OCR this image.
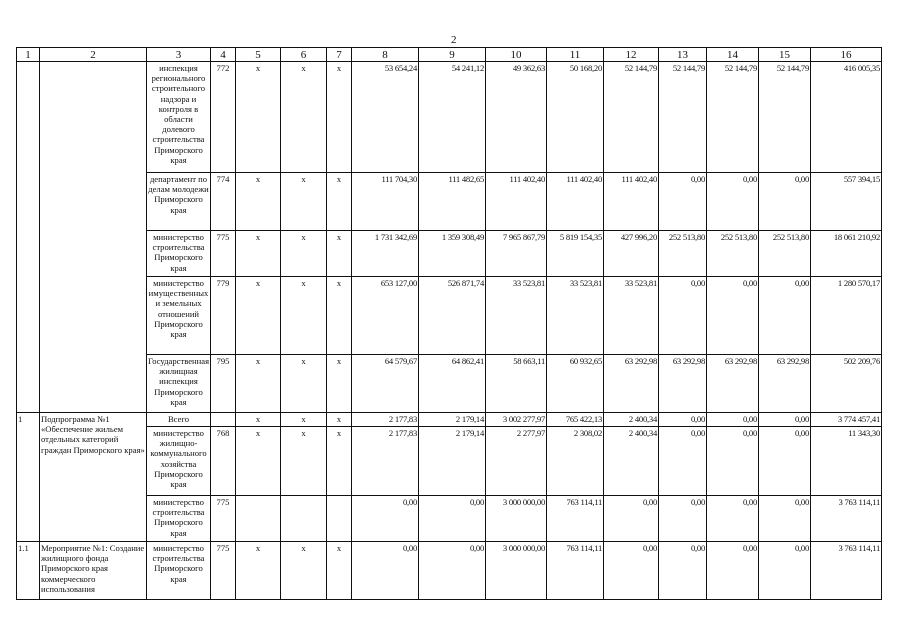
2
1	2	3	4	5	6	7	8	9	10	11	12	13	14	15	16
		инспекция регионального строительного надзора и контроля в области долевого строительства Приморского края	772	х	х	х	53 654,24	54 241,12	49 362,63	50 168,20	52 144,79	52 144,79	52 144,79	52 144,79	416 005,35
		департамент по делам молодежи Приморского края	774	х	х	х	111 704,30	111 482,65	111 402,40	111 402,40	111 402,40	0,00	0,00	0,00	557 394,15
		министерство строительства Приморского края	775	х	х	х	1 731 342,69	1 359 308,49	7 965 867,79	5 819 154,35	427 996,20	252 513,80	252 513,80	252 513,80	18 061 210,92
		министерство имущественных и земельных отношений Приморского края	779	х	х	х	653 127,00	526 871,74	33 523,81	33 523,81	33 523,81	0,00	0,00	0,00	1 280 570,17
		Государственная жилищная инспекция Приморского края	795	х	х	х	64 579,67	64 862,41	58 663,11	60 932,65	63 292,98	63 292,98	63 292,98	63 292,98	502 209,76
1	Подпрограмма №1 «Обеспечение жильем отдельных категорий граждан Приморского края»	Всего		х	х	х	2 177,83	2 179,14	3 002 277,97	765 422,13	2 400,34	0,00	0,00	0,00	3 774 457,41
		министерство жилищно-коммунального хозяйства Приморского края	768	х	х	х	2 177,83	2 179,14	2 277,97	2 308,02	2 400,34	0,00	0,00	0,00	11 343,30
		министерство строительства Приморского края	775				0,00	0,00	3 000 000,00	763 114,11	0,00	0,00	0,00	0,00	3 763 114,11
1.1	Мероприятие №1: Создание жилищного фонда Приморского края коммерческого использования	министерство строительства Приморского края	775	х	х	х	0,00	0,00	3 000 000,00	763 114,11	0,00	0,00	0,00	0,00	3 763 114,11
